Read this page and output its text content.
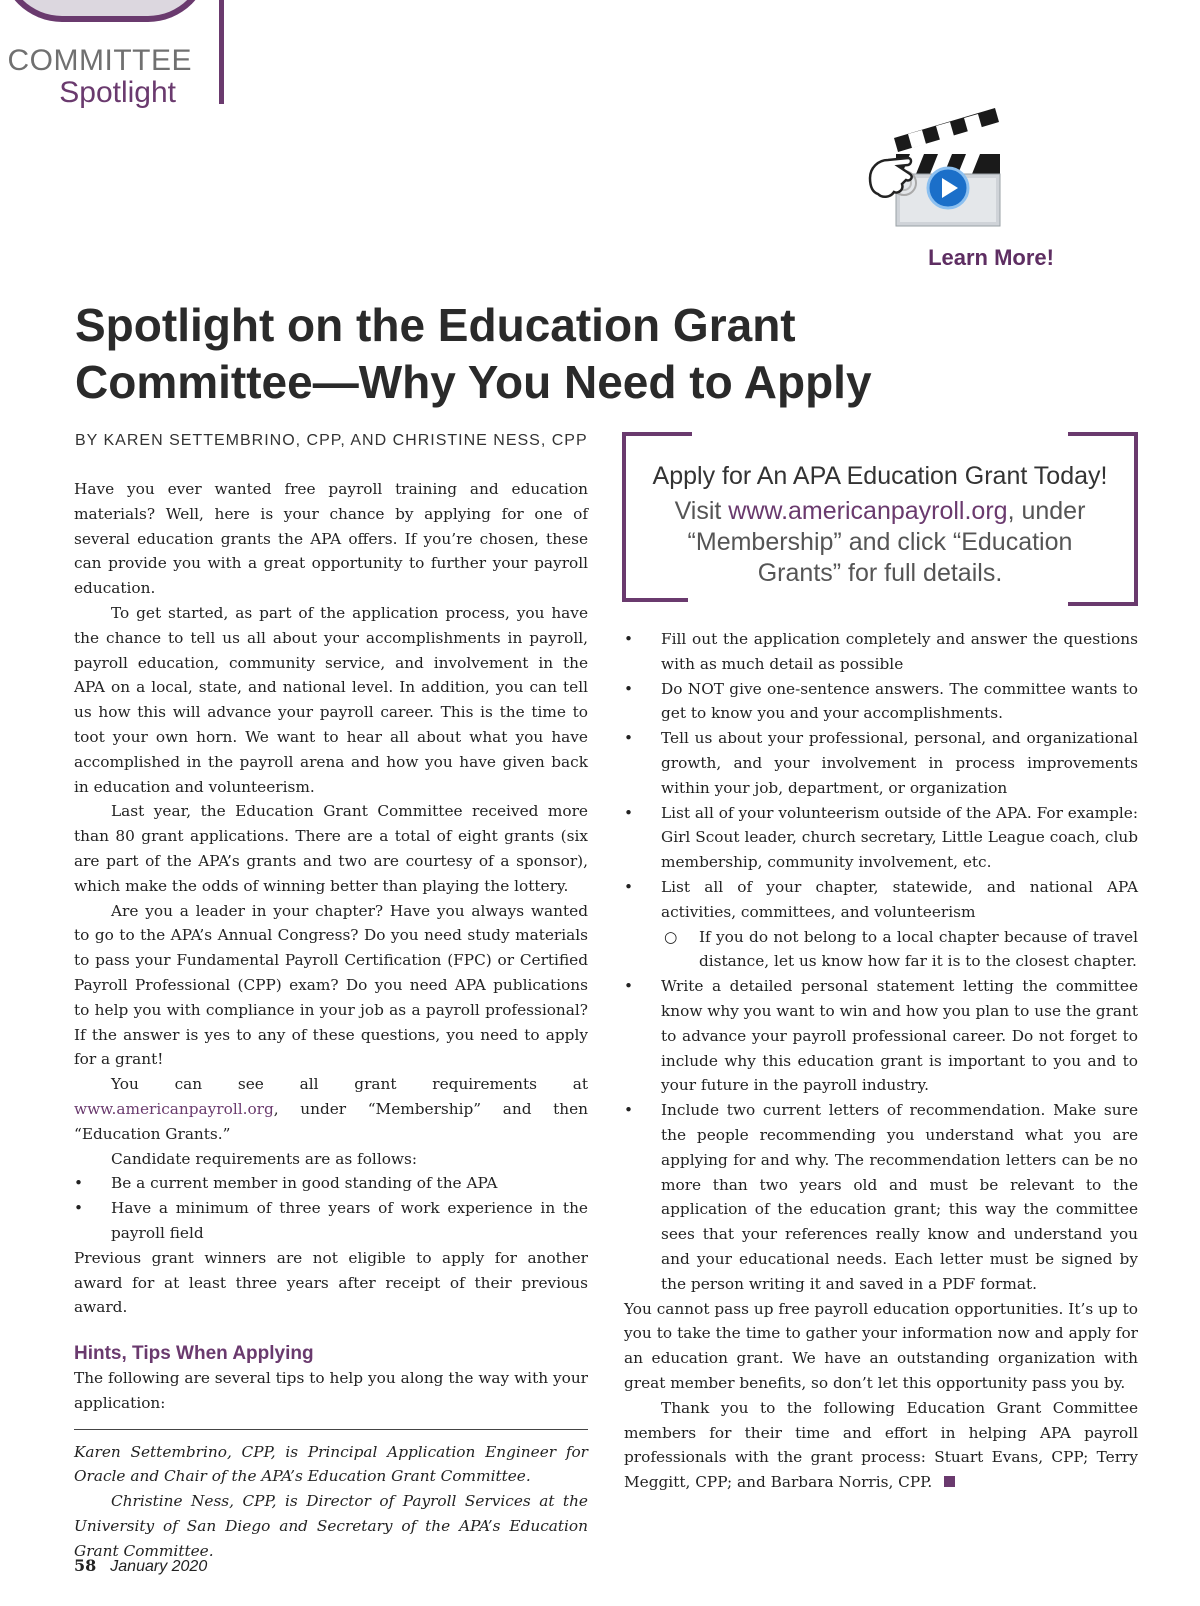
COMMITTEE
Spotlight
Learn More!
Spotlight on the Education Grant
Committee—Why You Need to Apply
BY KAREN SETTEMBRINO, CPP, AND CHRISTINE NESS, CPP

Have you ever wanted free payroll training and education materials? Well, here is your chance by applying for one of several education grants the APA offers. If you’re chosen, these can provide you with a great opportunity to further your payroll education.

To get started, as part of the application process, you have the chance to tell us all about your accomplishments in payroll, payroll education, community service, and involvement in the APA on a local, state, and national level. In addition, you can tell us how this will advance your payroll career. This is the time to toot your own horn. We want to hear all about what you have accomplished in the payroll arena and how you have given back in education and volunteerism.

Last year, the Education Grant Committee received more than 80 grant applications. There are a total of eight grants (six are part of the APA’s grants and two are courtesy of a sponsor), which make the odds of winning better than playing the lottery.

Are you a leader in your chapter? Have you always wanted to go to the APA’s Annual Congress? Do you need study materials to pass your Fundamental Payroll Certification (FPC) or Certified Payroll Professional (CPP) exam? Do you need APA publications to help you with compliance in your job as a payroll professional? If the answer is yes to any of these questions, you need to apply for a grant!

You can see all grant requirements at www.americanpayroll.org, under “Membership” and then “Education Grants.”

Candidate requirements are as follows:

• Be a current member in good standing of the APA

• Have a minimum of three years of work experience in the payroll field

Previous grant winners are not eligible to apply for another award for at least three years after receipt of their previous award.

Hints, Tips When Applying

The following are several tips to help you along the way with your application:

Karen Settembrino, CPP, is Principal Application Engineer for Oracle and Chair of the APA’s Education Grant Committee.

Christine Ness, CPP, is Director of Payroll Services at the University of San Diego and Secretary of the APA’s Education Grant Committee.

Apply for An APA Education Grant Today!
Visit www.americanpayroll.org, under “Membership” and click “Education Grants” for full details.

• Fill out the application completely and answer the questions with as much detail as possible

• Do NOT give one-sentence answers. The committee wants to get to know you and your accomplishments.

• Tell us about your professional, personal, and organizational growth, and your involvement in process improvements within your job, department, or organization

• List all of your volunteerism outside of the APA. For example: Girl Scout leader, church secretary, Little League coach, club membership, community involvement, etc.

• List all of your chapter, statewide, and national APA activities, committees, and volunteerism

○ If you do not belong to a local chapter because of travel distance, let us know how far it is to the closest chapter.

• Write a detailed personal statement letting the committee know why you want to win and how you plan to use the grant to advance your payroll professional career. Do not forget to include why this education grant is important to you and to your future in the payroll industry.

• Include two current letters of recommendation. Make sure the people recommending you understand what you are applying for and why. The recommendation letters can be no more than two years old and must be relevant to the application of the education grant; this way the committee sees that your references really know and understand you and your educational needs. Each letter must be signed by the person writing it and saved in a PDF format.

You cannot pass up free payroll education opportunities. It’s up to you to take the time to gather your information now and apply for an education grant. We have an outstanding organization with great member benefits, so don’t let this opportunity pass you by.

Thank you to the following Education Grant Committee members for their time and effort in helping APA payroll professionals with the grant process: Stuart Evans, CPP; Terry Meggitt, CPP; and Barbara Norris, CPP.

58 January 2020
